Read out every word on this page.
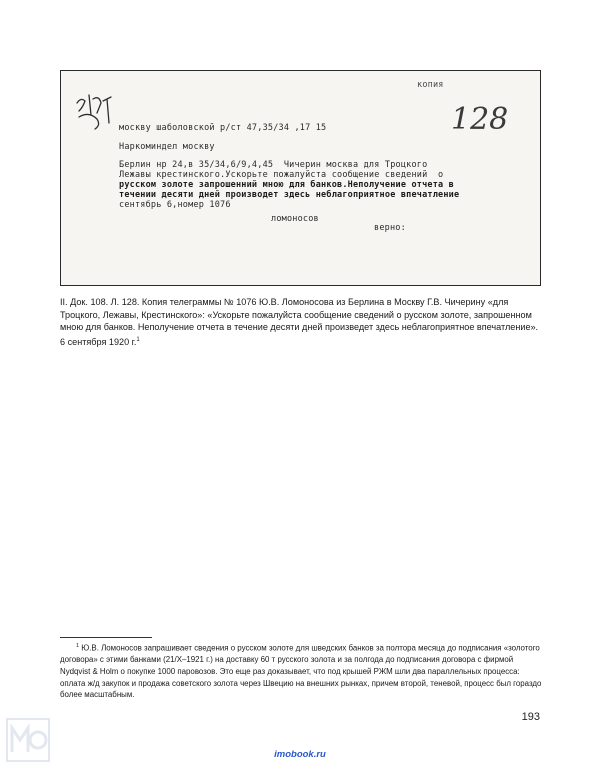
копия
москву шаболовской р/ст 47,35/34 ,17 15
Наркоминдел москву
Берлин нр 24,в 35/34,6/9,4,45  Чичерин москва для Троцкого
Лежавы крестинского.Ускорьте пожалуйста сообщение сведений  о
русском золоте запрошенний мною для банков.Неполучение отчета в
течении десяти дней производет здесь неблагоприятное впечатление
сентябрь 6,номер 1076
ломоносов
верно:
128

II. Док. 108. Л. 128. Копия телеграммы № 1076 Ю.В. Ломоносова из Берлина в Москву Г.В. Чичерину «для Троцкого, Лежавы, Крестинского»: «Ускорьте пожалуйста сообщение сведений о русском золоте, запрошенном мною для банков. Неполучение отчета в течение десяти дней произведет здесь неблагоприятное впечатление». 6 сентября 1920 г.$^1$

$^1$ Ю.В. Ломоносов запрашивает сведения о русском золоте для шведских банков за полтора месяца до подписания «золотого договора» с этими банками (21/X–1921 г.) на доставку 60 т русского золота и за полгода до подписания договора с фирмой Nydqvist & Holm о покупке 1000 паровозов. Это еще раз доказывает, что под крышей РЖМ шли два параллельных процесса: оплата ж/д закупок и продажа советского золота через Швецию на внешних рынках, причем второй, теневой, процесс был гораздо более масштабным.

193
imobook.ru
